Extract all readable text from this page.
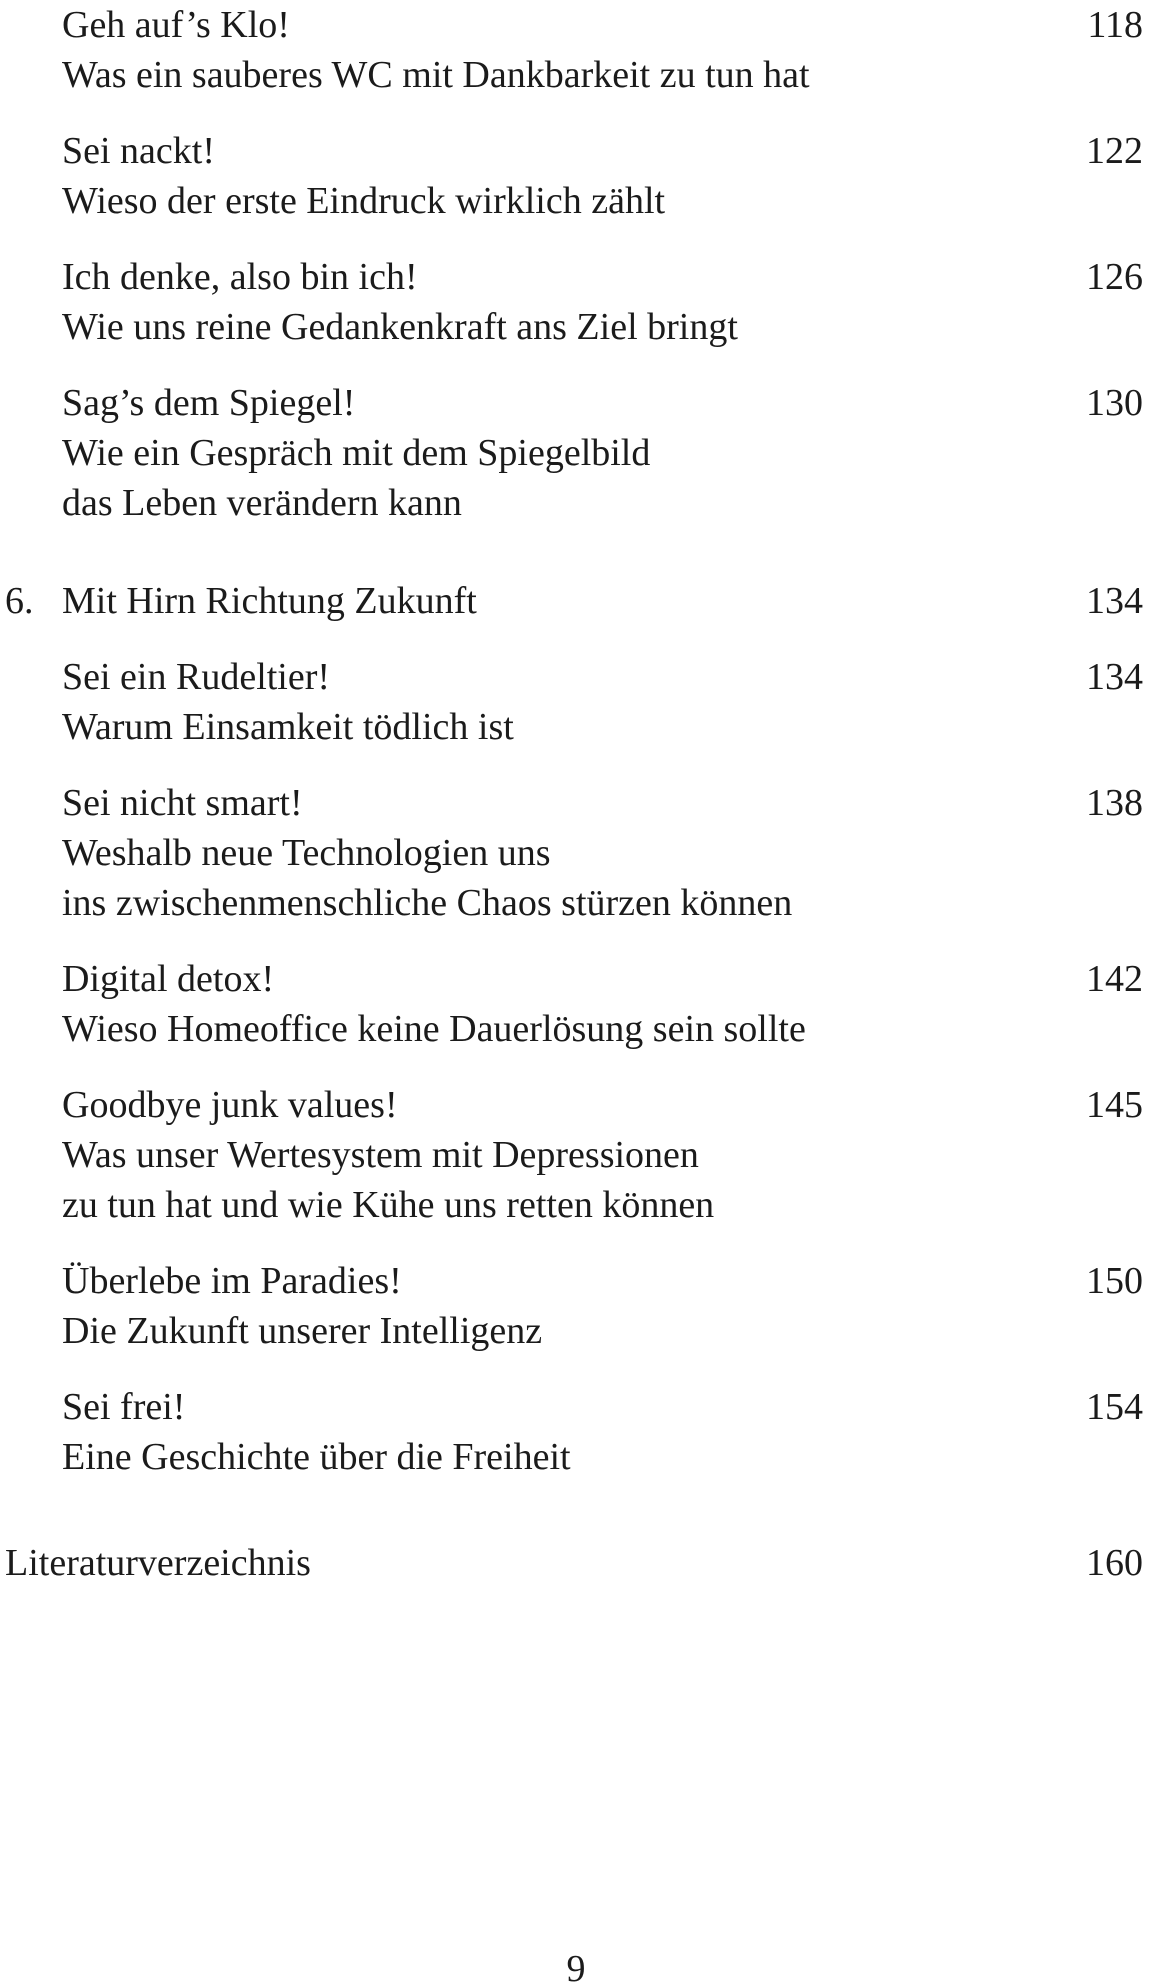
Geh auf’s Klo!	118
Was ein sauberes WC mit Dankbarkeit zu tun hat
Sei nackt!	122
Wieso der erste Eindruck wirklich zählt
Ich denke, also bin ich!	126
Wie uns reine Gedankenkraft ans Ziel bringt
Sag’s dem Spiegel!	130
Wie ein Gespräch mit dem Spiegelbild
das Leben verändern kann
6. Mit Hirn Richtung Zukunft	134
Sei ein Rudeltier!	134
Warum Einsamkeit tödlich ist
Sei nicht smart!	138
Weshalb neue Technologien uns
ins zwischenmenschliche Chaos stürzen können
Digital detox!	142
Wieso Homeoffice keine Dauerlösung sein sollte
Goodbye junk values!	145
Was unser Wertesystem mit Depressionen
zu tun hat und wie Kühe uns retten können
Überlebe im Paradies!	150
Die Zukunft unserer Intelligenz
Sei frei!	154
Eine Geschichte über die Freiheit
Literaturverzeichnis	160
9
